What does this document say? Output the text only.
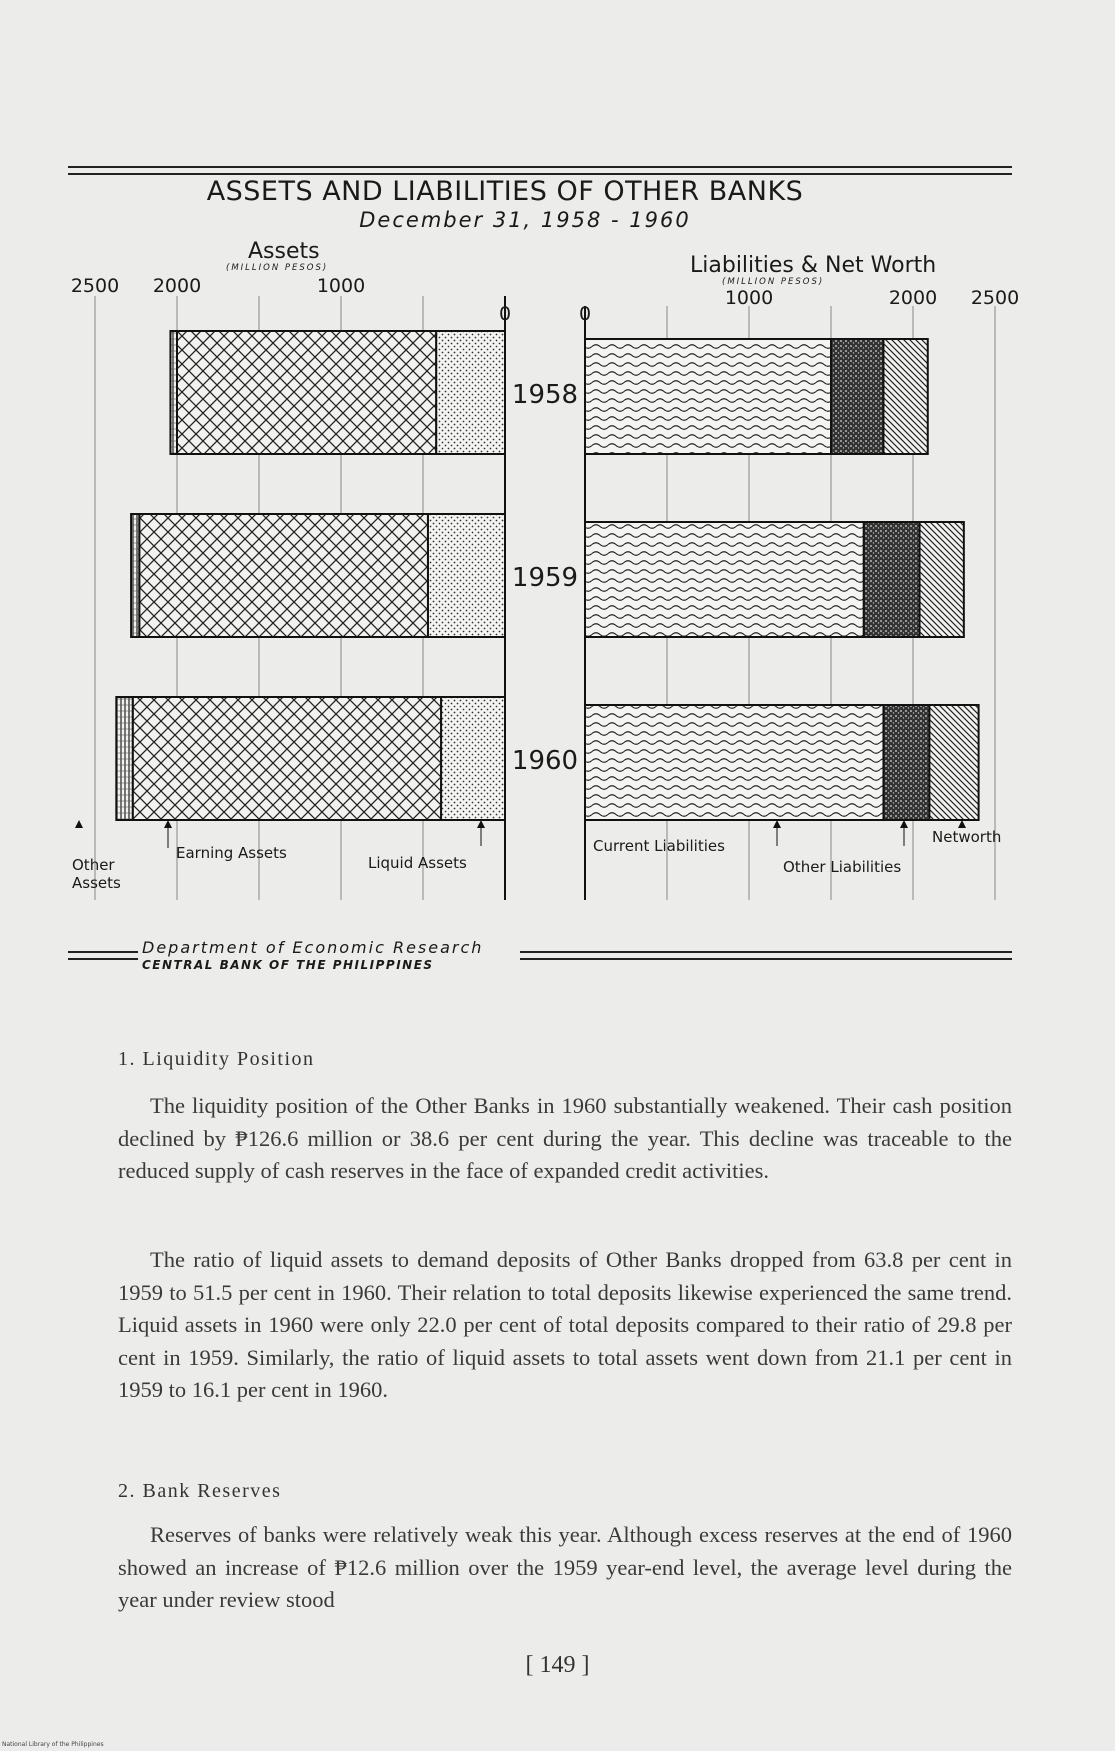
ASSETS AND LIABILITIES OF OTHER BANKS
December 31, 1958 - 1960
Assets
(MILLION PESOS)	Liabilities & Net Worth
(MILLION PESOS)
2500 2000	1000
0	0
1000	2000 2500
1958
1959
1960
Liquid Assets
Earning Assets
Other
Assets
Current Liabilities
Other Liabilities
Networth
Department of Economic Research
CENTRAL BANK OF THE PHILIPPINES
1. Liquidity Position

The liquidity position of the Other Banks in 1960 substantially weakened. Their cash position declined by ₱126.6 million or 38.6 per cent during the year. This decline was traceable to the reduced supply of cash reserves in the face of expanded credit activities.

The ratio of liquid assets to demand deposits of Other Banks dropped from 63.8 per cent in 1959 to 51.5 per cent in 1960. Their relation to total deposits likewise experienced the same trend. Liquid assets in 1960 were only 22.0 per cent of total deposits compared to their ratio of 29.8 per cent in 1959. Similarly, the ratio of liquid assets to total assets went down from 21.1 per cent in 1959 to 16.1 per cent in 1960.

2. Bank Reserves

Reserves of banks were relatively weak this year. Although excess reserves at the end of 1960 showed an increase of ₱12.6 million over the 1959 year-end level, the average level during the year under review stood

[ 149 ]
National Library of the Philippines
